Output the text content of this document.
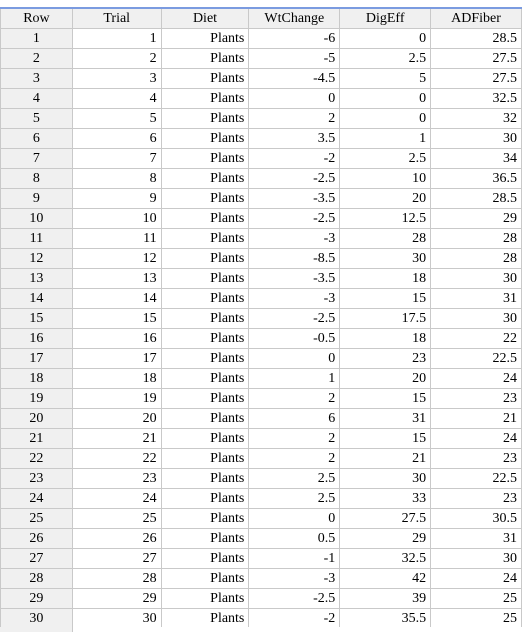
Row	Trial	Diet	WtChange	DigEff	ADFiber
1	1	Plants	-6	0	28.5
2	2	Plants	-5	2.5	27.5
3	3	Plants	-4.5	5	27.5
4	4	Plants	0	0	32.5
5	5	Plants	2	0	32
6	6	Plants	3.5	1	30
7	7	Plants	-2	2.5	34
8	8	Plants	-2.5	10	36.5
9	9	Plants	-3.5	20	28.5
10	10	Plants	-2.5	12.5	29
11	11	Plants	-3	28	28
12	12	Plants	-8.5	30	28
13	13	Plants	-3.5	18	30
14	14	Plants	-3	15	31
15	15	Plants	-2.5	17.5	30
16	16	Plants	-0.5	18	22
17	17	Plants	0	23	22.5
18	18	Plants	1	20	24
19	19	Plants	2	15	23
20	20	Plants	6	31	21
21	21	Plants	2	15	24
22	22	Plants	2	21	23
23	23	Plants	2.5	30	22.5
24	24	Plants	2.5	33	23
25	25	Plants	0	27.5	30.5
26	26	Plants	0.5	29	31
27	27	Plants	-1	32.5	30
28	28	Plants	-3	42	24
29	29	Plants	-2.5	39	25
30	30	Plants	-2	35.5	25
